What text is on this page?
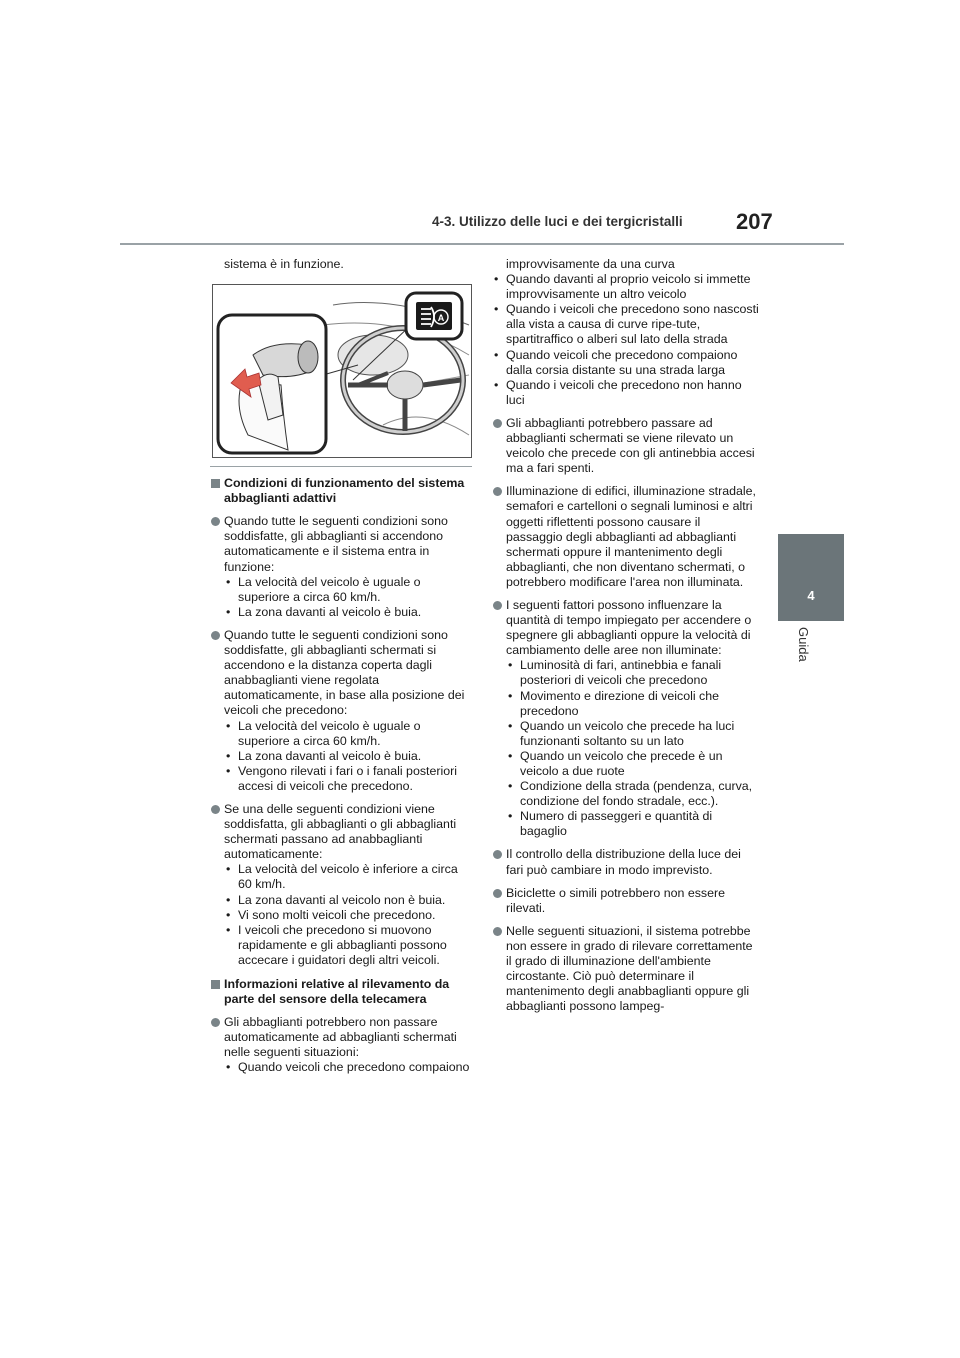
4-3. Utilizzo delle luci e dei tergicristalli 207
4
Guida

sistema è in funzione.

A
Condizioni di funzionamento del sistema abbaglianti adattivi

Quando tutte le seguenti condizioni sono soddisfatte, gli abbaglianti si accendono automaticamente e il sistema entra in funzione:

• La velocità del veicolo è uguale o superiore a circa 60 km/h.

• La zona davanti al veicolo è buia.

Quando tutte le seguenti condizioni sono soddisfatte, gli abbaglianti schermati si accendono e la distanza coperta dagli anabbaglianti viene regolata automaticamente, in base alla posizione dei veicoli che precedono:

• La velocità del veicolo è uguale o superiore a circa 60 km/h.

• La zona davanti al veicolo è buia.

• Vengono rilevati i fari o i fanali posteriori accesi di veicoli che precedono.

Se una delle seguenti condizioni viene soddisfatta, gli abbaglianti o gli abbaglianti schermati passano ad anabbaglianti automaticamente:

• La velocità del veicolo è inferiore a circa 60 km/h.

• La zona davanti al veicolo non è buia.

• Vi sono molti veicoli che precedono.

• I veicoli che precedono si muovono rapidamente e gli abbaglianti possono accecare i guidatori degli altri veicoli.

Informazioni relative al rilevamento da parte del sensore della telecamera

Gli abbaglianti potrebbero non passare automaticamente ad abbaglianti schermati nelle seguenti situazioni:

• Quando veicoli che precedono compaiono

improvvisamente da una curva

• Quando davanti al proprio veicolo si immette improvvisamente un altro veicolo

• Quando i veicoli che precedono sono nascosti alla vista a causa di curve ripe-tute, spartitraffico o alberi sul lato della strada

• Quando veicoli che precedono compaiono dalla corsia distante su una strada larga

• Quando i veicoli che precedono non hanno luci

Gli abbaglianti potrebbero passare ad abbaglianti schermati se viene rilevato un veicolo che precede con gli antinebbia accesi ma a fari spenti.
Illuminazione di edifici, illuminazione stradale, semafori e cartelloni o segnali luminosi e altri oggetti riflettenti possono causare il passaggio degli abbaglianti ad abbaglianti schermati oppure il mantenimento degli abbaglianti, che non diventano schermati, o potrebbero modificare l'area non illuminata.

I seguenti fattori possono influenzare la quantità di tempo impiegato per accendere o spegnere gli abbaglianti oppure la velocità di cambiamento delle aree non illuminate:

• Luminosità di fari, antinebbia e fanali posteriori di veicoli che precedono

• Movimento e direzione di veicoli che precedono

• Quando un veicolo che precede ha luci funzionanti soltanto su un lato

• Quando un veicolo che precede è un veicolo a due ruote

• Condizione della strada (pendenza, curva, condizione del fondo stradale, ecc.).

• Numero di passeggeri e quantità di bagaglio

Il controllo della distribuzione della luce dei fari può cambiare in modo imprevisto.
Biciclette o simili potrebbero non essere rilevati.
Nelle seguenti situazioni, il sistema potrebbe non essere in grado di rilevare correttamente il grado di illuminazione dell'ambiente circostante. Ciò può determinare il mantenimento degli anabbaglianti oppure gli abbaglianti possono lampeg-
